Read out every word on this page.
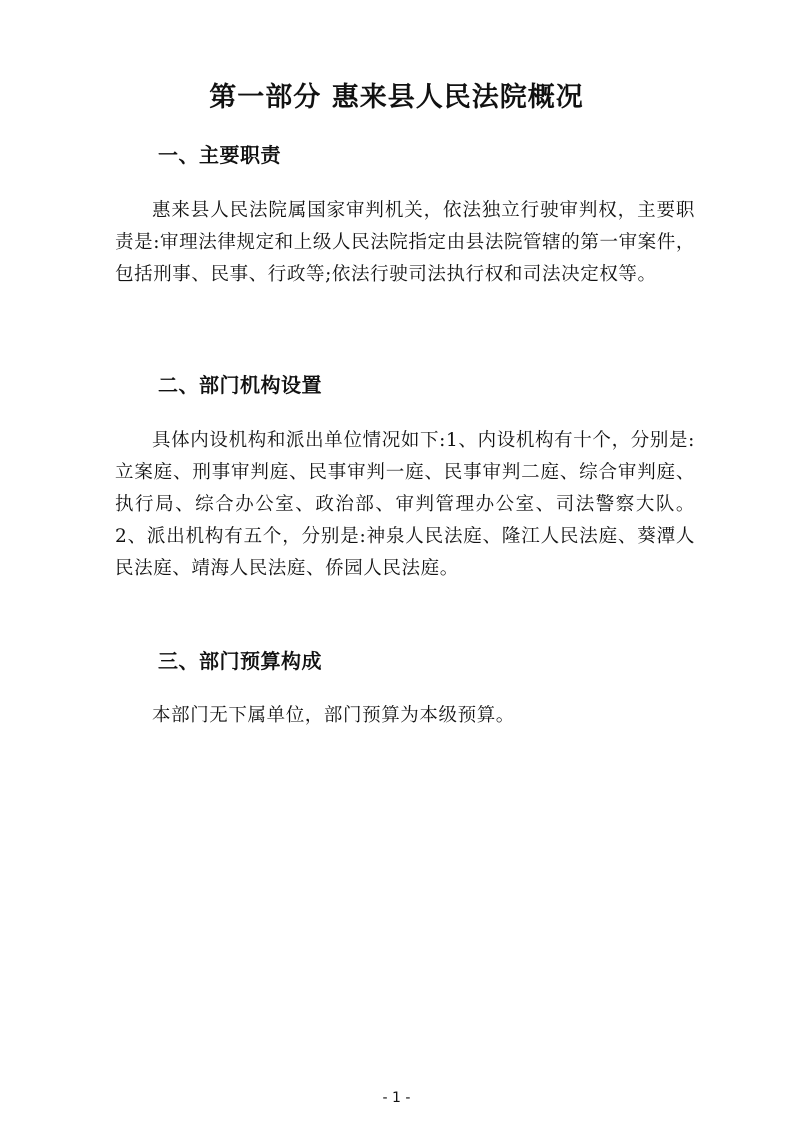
第一部分 惠来县人民法院概况
一、主要职责

惠来县人民法院属国家审判机关，依法独立行驶审判权，主要职责是:审理法律规定和上级人民法院指定由县法院管辖的第一审案件，包括刑事、民事、行政等;依法行驶司法执行权和司法决定权等。

二、部门机构设置

具体内设机构和派出单位情况如下:1、内设机构有十个，分别是:立案庭、刑事审判庭、民事审判一庭、民事审判二庭、综合审判庭、执行局、综合办公室、政治部、审判管理办公室、司法警察大队。2、派出机构有五个，分别是:神泉人民法庭、隆江人民法庭、葵潭人民法庭、靖海人民法庭、侨园人民法庭。

三、部门预算构成

本部门无下属单位，部门预算为本级预算。

- 1 -
